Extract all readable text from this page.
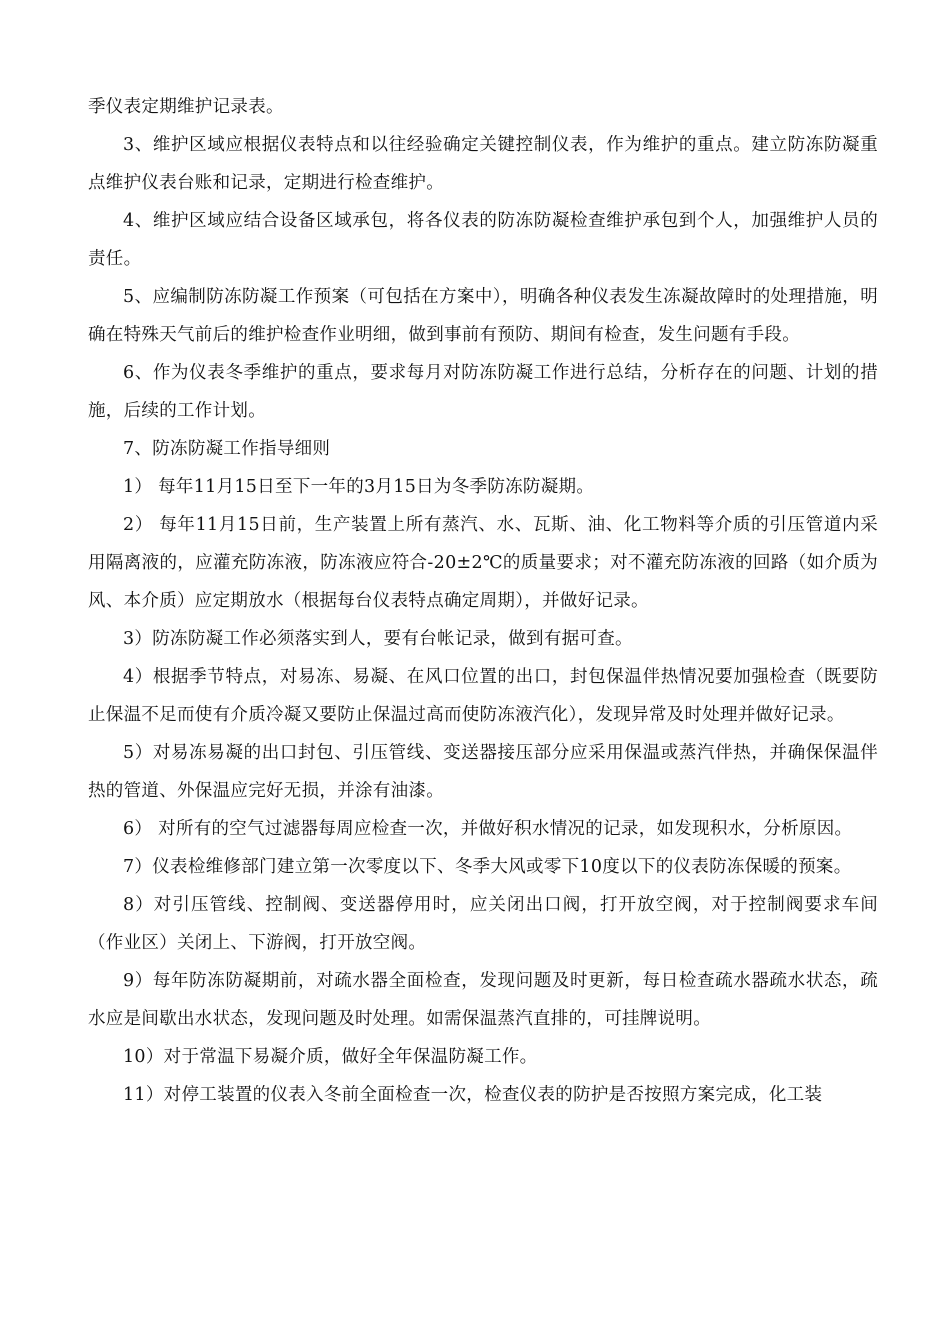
季仪表定期维护记录表。

3、维护区域应根据仪表特点和以往经验确定关键控制仪表，作为维护的重点。建立防冻防凝重点维护仪表台账和记录，定期进行检查维护。

4、维护区域应结合设备区域承包，将各仪表的防冻防凝检查维护承包到个人，加强维护人员的责任。

5、应编制防冻防凝工作预案（可包括在方案中），明确各种仪表发生冻凝故障时的处理措施，明确在特殊天气前后的维护检查作业明细，做到事前有预防、期间有检查，发生问题有手段。

6、作为仪表冬季维护的重点，要求每月对防冻防凝工作进行总结，分析存在的问题、计划的措施，后续的工作计划。

7、防冻防凝工作指导细则

1） 每年11月15日至下一年的3月15日为冬季防冻防凝期。

2） 每年11月15日前，生产装置上所有蒸汽、水、瓦斯、油、化工物料等介质的引压管道内采用隔离液的，应灌充防冻液，防冻液应符合-20±2℃的质量要求；对不灌充防冻液的回路（如介质为风、本介质）应定期放水（根据每台仪表特点确定周期），并做好记录。

3）防冻防凝工作必须落实到人，要有台帐记录，做到有据可查。

4）根据季节特点，对易冻、易凝、在风口位置的出口，封包保温伴热情况要加强检查（既要防止保温不足而使有介质冷凝又要防止保温过高而使防冻液汽化），发现异常及时处理并做好记录。

5）对易冻易凝的出口封包、引压管线、变送器接压部分应采用保温或蒸汽伴热，并确保保温伴热的管道、外保温应完好无损，并涂有油漆。

6） 对所有的空气过滤器每周应检查一次，并做好积水情况的记录，如发现积水，分析原因。

7）仪表检维修部门建立第一次零度以下、冬季大风或零下10度以下的仪表防冻保暖的预案。

8）对引压管线、控制阀、变送器停用时，应关闭出口阀，打开放空阀，对于控制阀要求车间（作业区）关闭上、下游阀，打开放空阀。

9）每年防冻防凝期前，对疏水器全面检查，发现问题及时更新，每日检查疏水器疏水状态，疏水应是间歇出水状态，发现问题及时处理。如需保温蒸汽直排的，可挂牌说明。

10）对于常温下易凝介质，做好全年保温防凝工作。

11）对停工装置的仪表入冬前全面检查一次，检查仪表的防护是否按照方案完成，化工装
